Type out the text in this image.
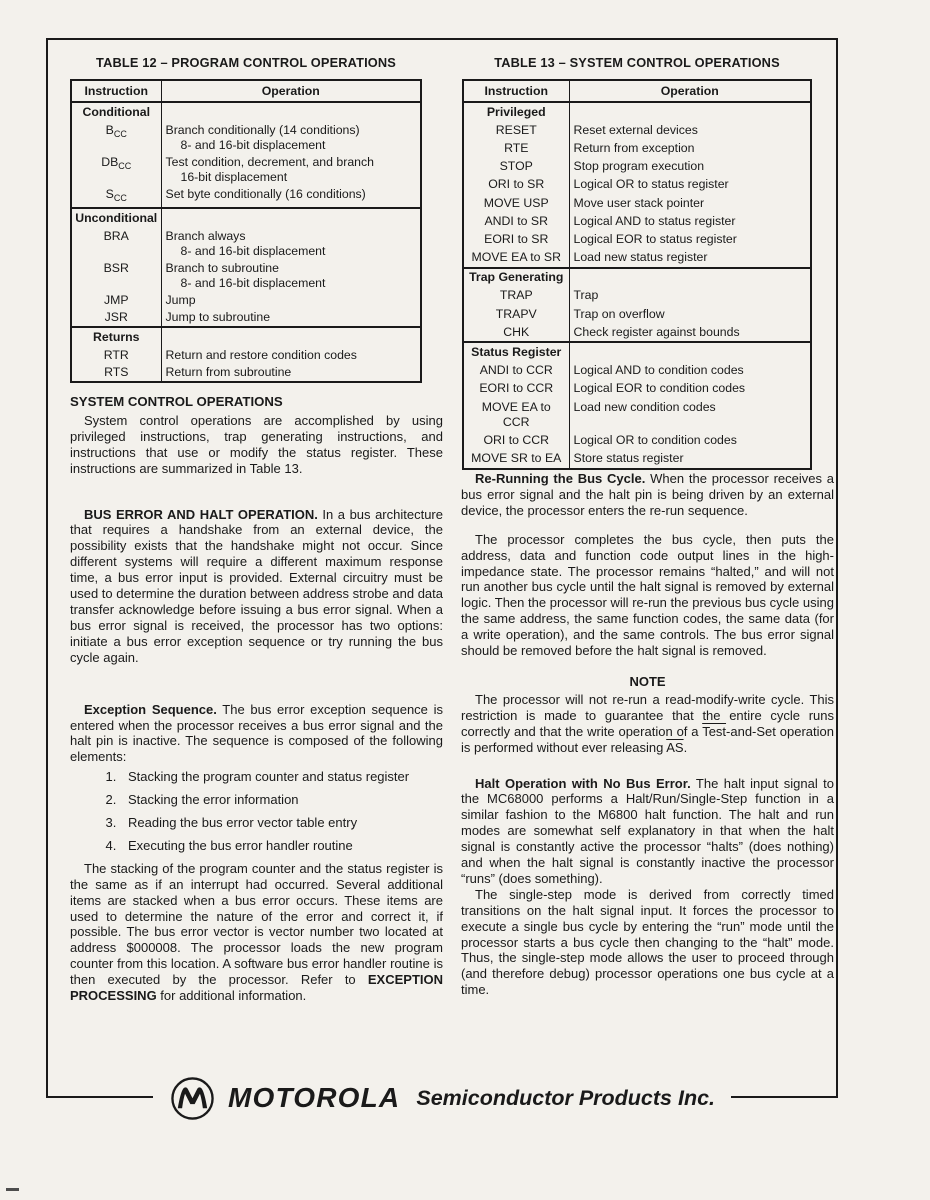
TABLE 12 – PROGRAM CONTROL OPERATIONS	TABLE 13 – SYSTEM CONTROL OPERATIONS
Instruction	Operation
Conditional	
$B_{CC}$	Branch conditionally (14 conditions)
8- and 16-bit displacement

$DB_{CC}$	Test condition, decrement, and branch
16-bit displacement

$S_{CC}$	Set byte conditionally (16 conditions)

Unconditional	
BRA	Branch always
8- and 16-bit displacement

BSR	Branch to subroutine
8- and 16-bit displacement

JMP	Jump

JSR	Jump to subroutine

Returns	
RTR	Return and restore condition codes

RTS	Return from subroutine
Instruction	Operation
Privileged	
RESET	Reset external devices

RTE	Return from exception

STOP	Stop program execution

ORI to SR	Logical OR to status register

MOVE USP	Move user stack pointer

ANDI to SR	Logical AND to status register

EORI to SR	Logical EOR to status register

MOVE EA to SR	Load new status register

Trap Generating	
TRAP	Trap

TRAPV	Trap on overflow

CHK	Check register against bounds

Status Register	
ANDI to CCR	Logical AND to condition codes

EORI to CCR	Logical EOR to condition codes

MOVE EA to CCR	Load new condition codes

ORI to CCR	Logical OR to condition codes

MOVE SR to EA	Store status register
SYSTEM CONTROL OPERATIONS

System control operations are accomplished by using privileged instructions, trap generating instructions, and instructions that use or modify the status register. These instructions are summarized in Table 13.

BUS ERROR AND HALT OPERATION. In a bus architecture that requires a handshake from an external device, the possibility exists that the handshake might not occur. Since different systems will require a different maximum response time, a bus error input is provided. External circuitry must be used to determine the duration between address strobe and data transfer acknowledge before issuing a bus error signal. When a bus error signal is received, the processor has two options: initiate a bus error exception sequence or try running the bus cycle again.

Exception Sequence. The bus error exception sequence is entered when the processor receives a bus error signal and the halt pin is inactive. The sequence is composed of the following elements:

1. Stacking the program counter and status register
2. Stacking the error information
3. Reading the bus error vector table entry
4. Executing the bus error handler routine

The stacking of the program counter and the status register is the same as if an interrupt had occurred. Several additional items are stacked when a bus error occurs. These items are used to determine the nature of the error and correct it, if possible. The bus error vector is vector number two located at address $000008. The processor loads the new program counter from this location. A software bus error handler routine is then executed by the processor. Refer to EXCEPTION PROCESSING for additional information.

Re-Running the Bus Cycle. When the processor receives a bus error signal and the halt pin is being driven by an external device, the processor enters the re-run sequence.

The processor completes the bus cycle, then puts the address, data and function code output lines in the high-impedance state. The processor remains “halted,” and will not run another bus cycle until the halt signal is removed by external logic. Then the processor will re-run the previous bus cycle using the same address, the same function codes, the same data (for a write operation), and the same controls. The bus error signal should be removed before the halt signal is removed.

NOTE

The processor will not re-run a read-modify-write cycle. This restriction is made to guarantee that the entire cycle runs correctly and that the write operation of a Test-and-Set operation is performed without ever releasing $\overline{AS}$.

Halt Operation with No Bus Error. The halt input signal to the MC68000 performs a Halt/Run/Single-Step function in a similar fashion to the M6800 halt function. The halt and run modes are somewhat self explanatory in that when the halt signal is constantly active the processor “halts” (does nothing) and when the halt signal is constantly inactive the processor “runs” (does something).

The single-step mode is derived from correctly timed transitions on the halt signal input. It forces the processor to execute a single bus cycle by entering the “run” mode until the processor starts a bus cycle then changing to the “halt” mode. Thus, the single-step mode allows the user to proceed through (and therefore debug) processor operations one bus cycle at a time.

MOTOROLA Semiconductor Products Inc.
